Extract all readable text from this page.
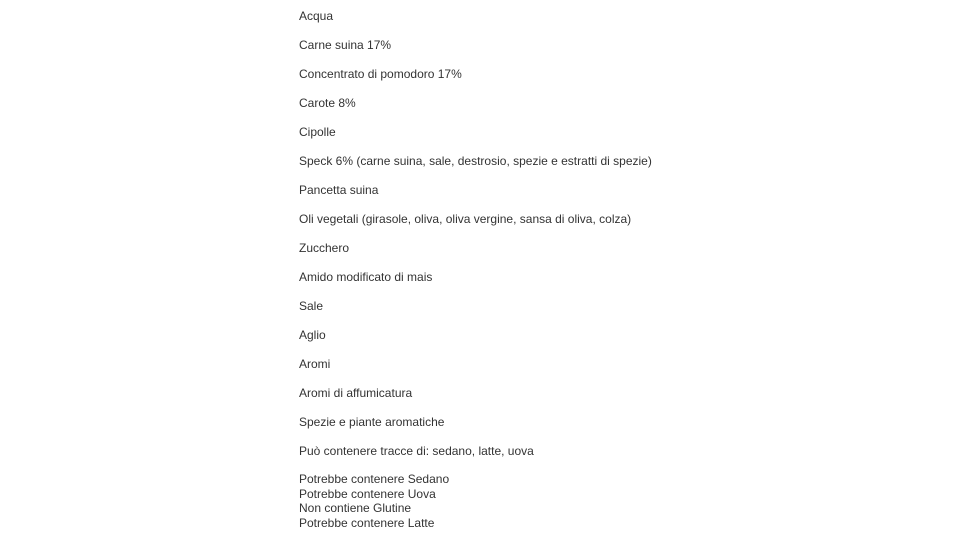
Acqua
Carne suina 17%
Concentrato di pomodoro 17%
Carote 8%
Cipolle
Speck 6% (carne suina, sale, destrosio, spezie e estratti di spezie)
Pancetta suina
Oli vegetali (girasole, oliva, oliva vergine, sansa di oliva, colza)
Zucchero
Amido modificato di mais
Sale
Aglio
Aromi
Aromi di affumicatura
Spezie e piante aromatiche
Può contenere tracce di: sedano, latte, uova
Potrebbe contenere Sedano
Potrebbe contenere Uova
Non contiene Glutine
Potrebbe contenere Latte
